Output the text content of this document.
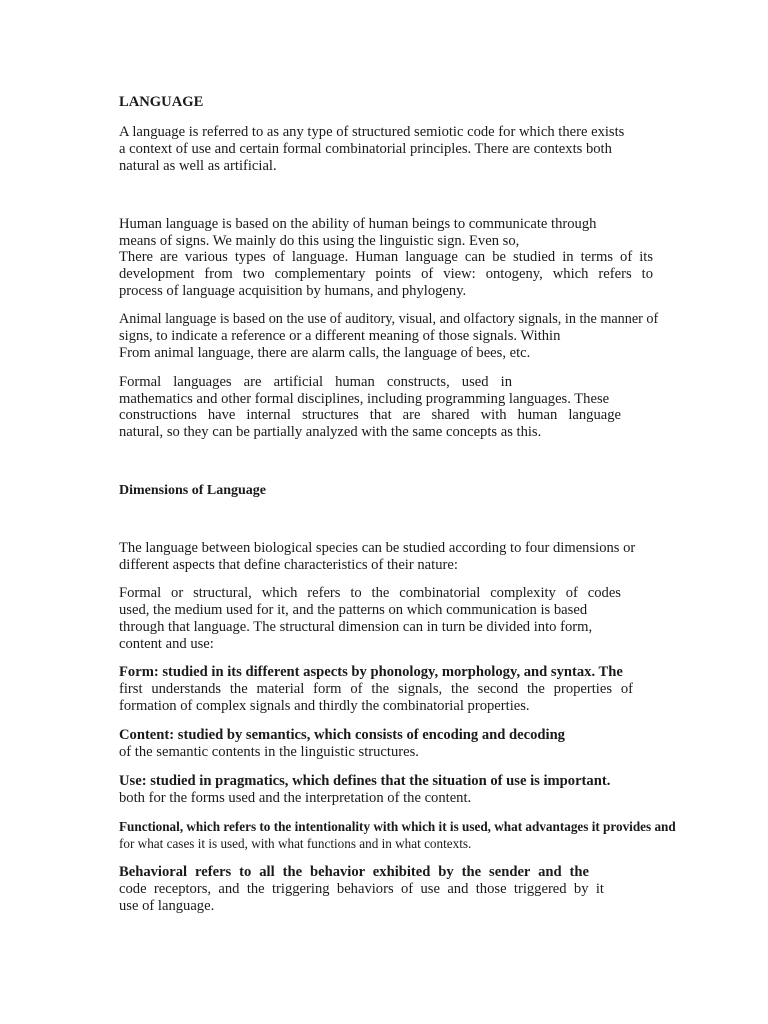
LANGUAGE
A language is referred to as any type of structured semiotic code for which there exists
a context of use and certain formal combinatorial principles. There are contexts both
natural as well as artificial.
Human language is based on the ability of human beings to communicate through
means of signs. We mainly do this using the linguistic sign. Even so,
There are various types of language. Human language can be studied in terms of its
development from two complementary points of view: ontogeny, which refers to
process of language acquisition by humans, and phylogeny.
Animal language is based on the use of auditory, visual, and olfactory signals, in the manner of
signs, to indicate a reference or a different meaning of those signals. Within
From animal language, there are alarm calls, the language of bees, etc.
Formal languages are artificial human constructs, used in
mathematics and other formal disciplines, including programming languages. These
constructions have internal structures that are shared with human language
natural, so they can be partially analyzed with the same concepts as this.
Dimensions of Language
The language between biological species can be studied according to four dimensions or
different aspects that define characteristics of their nature:
Formal or structural, which refers to the combinatorial complexity of codes
used, the medium used for it, and the patterns on which communication is based
through that language. The structural dimension can in turn be divided into form,
content and use:
Form: studied in its different aspects by phonology, morphology, and syntax. The
first understands the material form of the signals, the second the properties of
formation of complex signals and thirdly the combinatorial properties.
Content: studied by semantics, which consists of encoding and decoding
of the semantic contents in the linguistic structures.
Use: studied in pragmatics, which defines that the situation of use is important.
both for the forms used and the interpretation of the content.
Functional, which refers to the intentionality with which it is used, what advantages it provides and
for what cases it is used, with what functions and in what contexts.
Behavioral refers to all the behavior exhibited by the sender and the
code receptors, and the triggering behaviors of use and those triggered by it
use of language.
